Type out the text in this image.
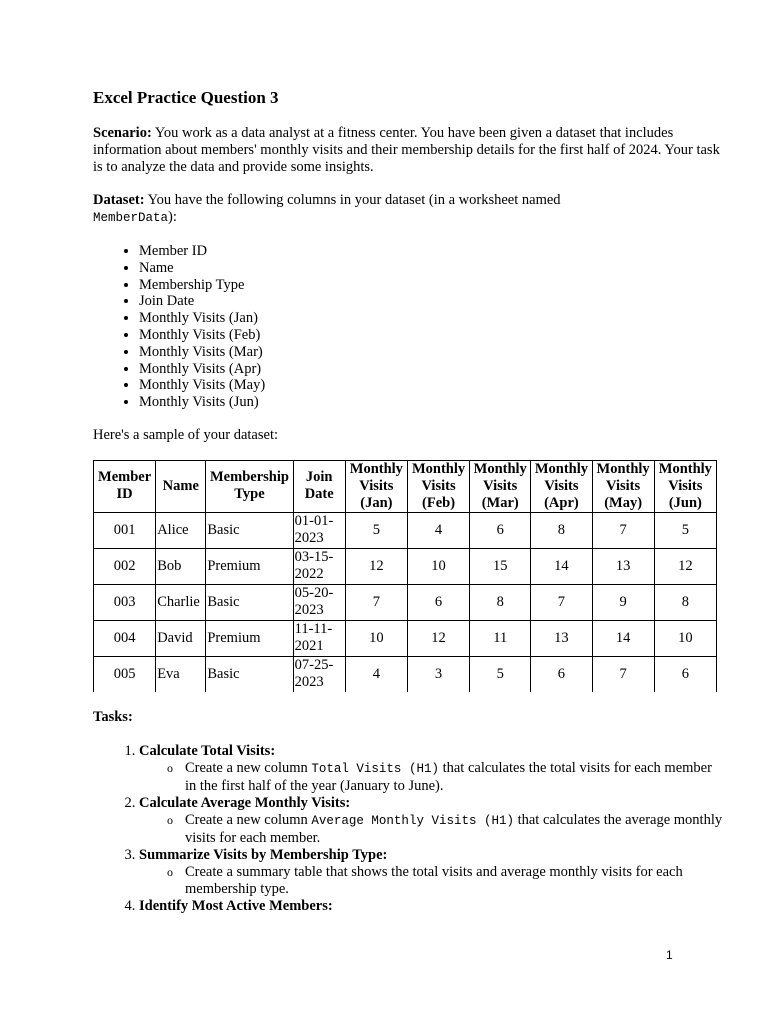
Excel Practice Question 3

Scenario: You work as a data analyst at a fitness center. You have been given a dataset that includes information about members' monthly visits and their membership details for the first half of 2024. Your task is to analyze the data and provide some insights.

Dataset: You have the following columns in your dataset (in a worksheet named
MemberData):

• Member ID
• Name
• Membership Type
• Join Date
• Monthly Visits (Jan)
• Monthly Visits (Feb)
• Monthly Visits (Mar)
• Monthly Visits (Apr)
• Monthly Visits (May)
• Monthly Visits (Jun)

Here's a sample of your dataset:

Member ID	Name	Membership Type	Join Date	Monthly Visits (Jan)	Monthly Visits (Feb)	Monthly Visits (Mar)	Monthly Visits (Apr)	Monthly Visits (May)	Monthly Visits (Jun)
001	Alice	Basic	01-01-2023	5	4	6	8	7	5
002	Bob	Premium	03-15-2022	12	10	15	14	13	12
003	Charlie	Basic	05-20-2023	7	6	8	7	9	8
004	David	Premium	11-11-2021	10	12	11	13	14	10
005	Eva	Basic	07-25-2023	4	3	5	6	7	6

Tasks:

1. Calculate Total Visits:
o Create a new column Total Visits (H1) that calculates the total visits for each member in the first half of the year (January to June).
2. Calculate Average Monthly Visits:
o Create a new column Average Monthly Visits (H1) that calculates the average monthly visits for each member.
3. Summarize Visits by Membership Type:
o Create a summary table that shows the total visits and average monthly visits for each membership type.
4. Identify Most Active Members:
1
